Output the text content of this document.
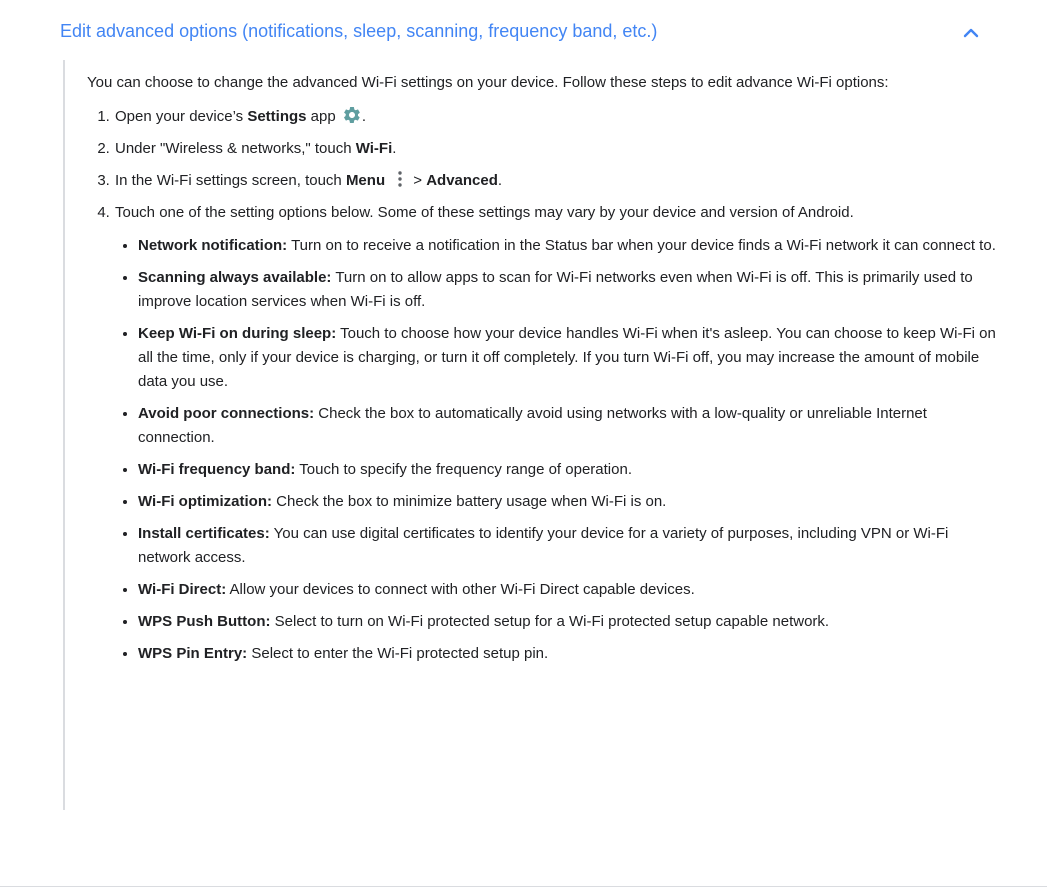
Edit advanced options (notifications, sleep, scanning, frequency band, etc.)

You can choose to change the advanced Wi-Fi settings on your device. Follow these steps to edit advance Wi-Fi options:

1. Open your device’s Settings app .
2. Under "Wireless & networks," touch Wi-Fi.
3. In the Wi-Fi settings screen, touch Menu > Advanced.
4. Touch one of the setting options below. Some of these settings may vary by your device and version of Android.
Network notification: Turn on to receive a notification in the Status bar when your device finds a Wi-Fi network it can connect to.
Scanning always available: Turn on to allow apps to scan for Wi-Fi networks even when Wi-Fi is off. This is primarily used to improve location services when Wi-Fi is off.
Keep Wi-Fi on during sleep: Touch to choose how your device handles Wi-Fi when it's asleep. You can choose to keep Wi-Fi on all the time, only if your device is charging, or turn it off completely. If you turn Wi-Fi off, you may increase the amount of mobile data you use.
Avoid poor connections: Check the box to automatically avoid using networks with a low-quality or unreliable Internet connection.
Wi-Fi frequency band: Touch to specify the frequency range of operation.
Wi-Fi optimization: Check the box to minimize battery usage when Wi-Fi is on.
Install certificates: You can use digital certificates to identify your device for a variety of purposes, including VPN or Wi-Fi network access.
Wi-Fi Direct: Allow your devices to connect with other Wi-Fi Direct capable devices.
WPS Push Button: Select to turn on Wi-Fi protected setup for a Wi-Fi protected setup capable network.
WPS Pin Entry: Select to enter the Wi-Fi protected setup pin.
